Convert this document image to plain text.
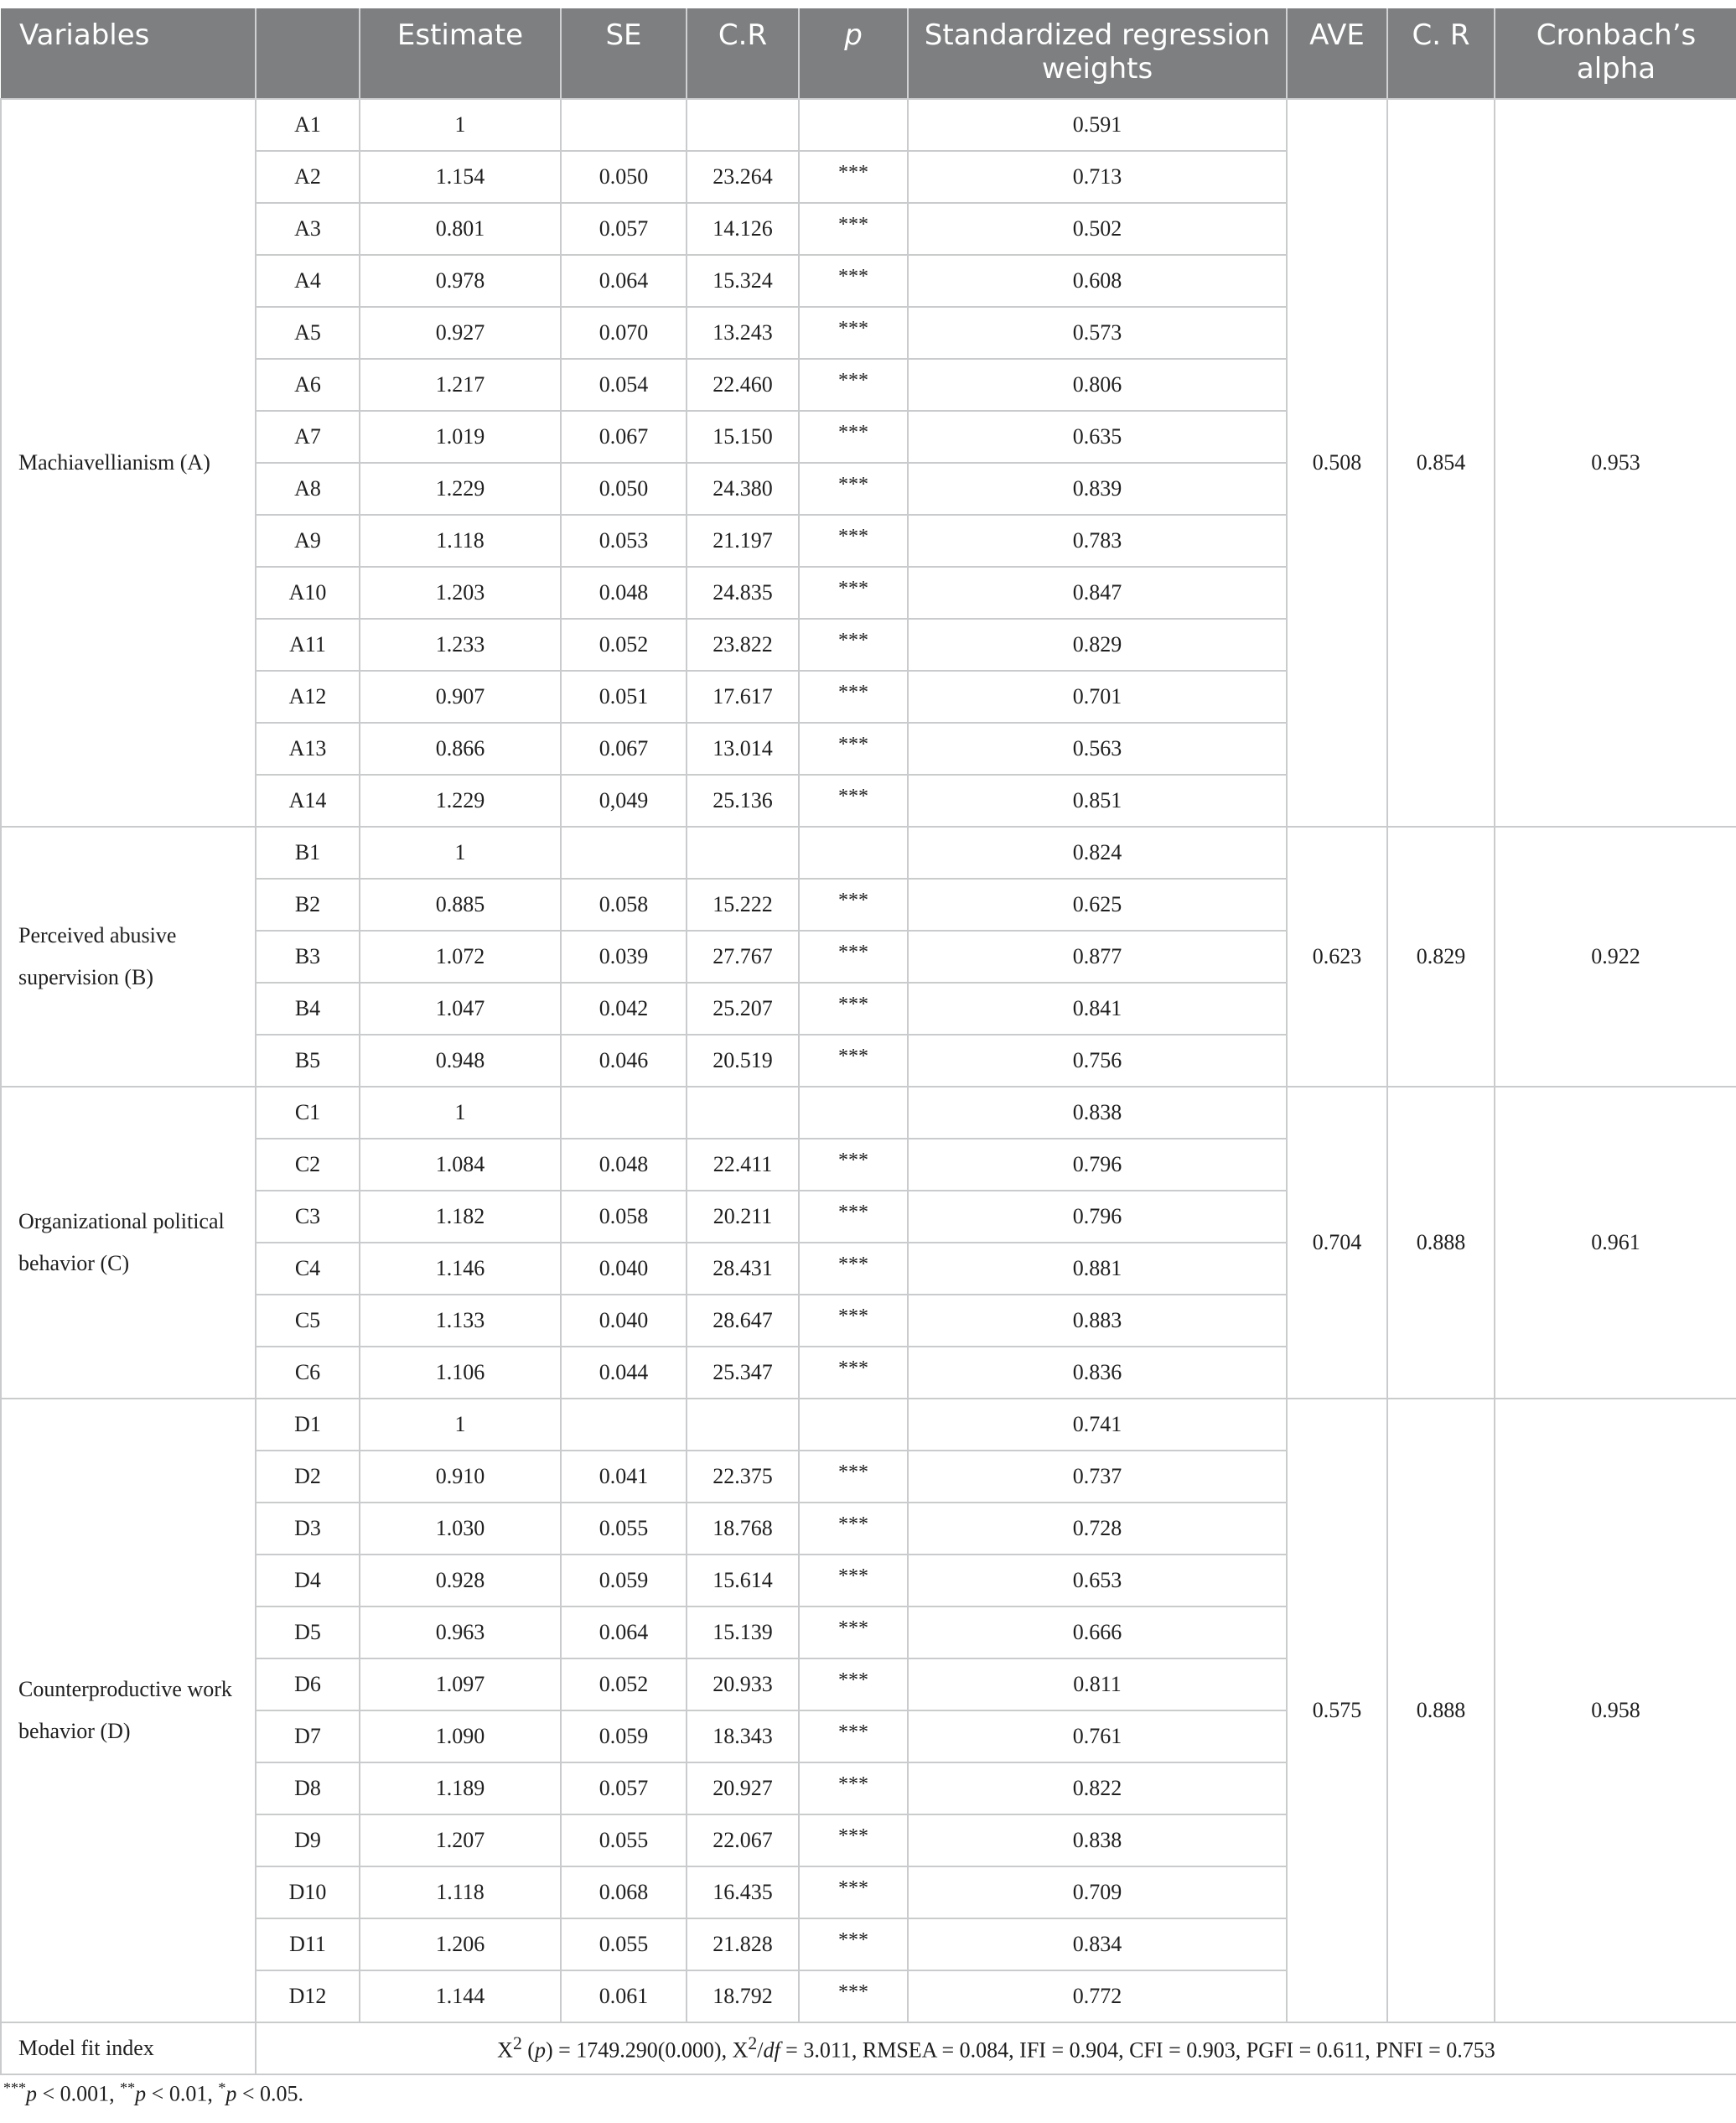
Variables		Estimate	SE	C.R	p	Standardized regression weights	AVE	C. R	Cronbach’s alpha
Machiavellianism (A)	A1	1				0.591	0.508	0.854	0.953
	A2	1.154	0.050	23.264	***	0.713			
	A3	0.801	0.057	14.126	***	0.502			
	A4	0.978	0.064	15.324	***	0.608			
	A5	0.927	0.070	13.243	***	0.573			
	A6	1.217	0.054	22.460	***	0.806			
	A7	1.019	0.067	15.150	***	0.635			
	A8	1.229	0.050	24.380	***	0.839			
	A9	1.118	0.053	21.197	***	0.783			
	A10	1.203	0.048	24.835	***	0.847			
	A11	1.233	0.052	23.822	***	0.829			
	A12	0.907	0.051	17.617	***	0.701			
	A13	0.866	0.067	13.014	***	0.563			
	A14	1.229	0,049	25.136	***	0.851			
Perceived abusive supervision (B)	B1	1				0.824	0.623	0.829	0.922
	B2	0.885	0.058	15.222	***	0.625			
	B3	1.072	0.039	27.767	***	0.877			
	B4	1.047	0.042	25.207	***	0.841			
	B5	0.948	0.046	20.519	***	0.756			
Organizational political behavior (C)	C1	1				0.838	0.704	0.888	0.961
	C2	1.084	0.048	22.411	***	0.796			
	C3	1.182	0.058	20.211	***	0.796			
	C4	1.146	0.040	28.431	***	0.881			
	C5	1.133	0.040	28.647	***	0.883			
	C6	1.106	0.044	25.347	***	0.836			
Counterproductive work behavior (D)	D1	1				0.741	0.575	0.888	0.958
	D2	0.910	0.041	22.375	***	0.737			
	D3	1.030	0.055	18.768	***	0.728			
	D4	0.928	0.059	15.614	***	0.653			
	D5	0.963	0.064	15.139	***	0.666			
	D6	1.097	0.052	20.933	***	0.811			
	D7	1.090	0.059	18.343	***	0.761			
	D8	1.189	0.057	20.927	***	0.822			
	D9	1.207	0.055	22.067	***	0.838			
	D10	1.118	0.068	16.435	***	0.709			
	D11	1.206	0.055	21.828	***	0.834			
	D12	1.144	0.061	18.792	***	0.772			
Model fit index	$X^2$ (p) = 1749.290(0.000), $X^2/df = 3.011$, RMSEA = 0.084, IFI = 0.904, CFI = 0.903, PGFI = 0.611, PNFI = 0.753								
***p < 0.001, **p < 0.01, *p < 0.05.
